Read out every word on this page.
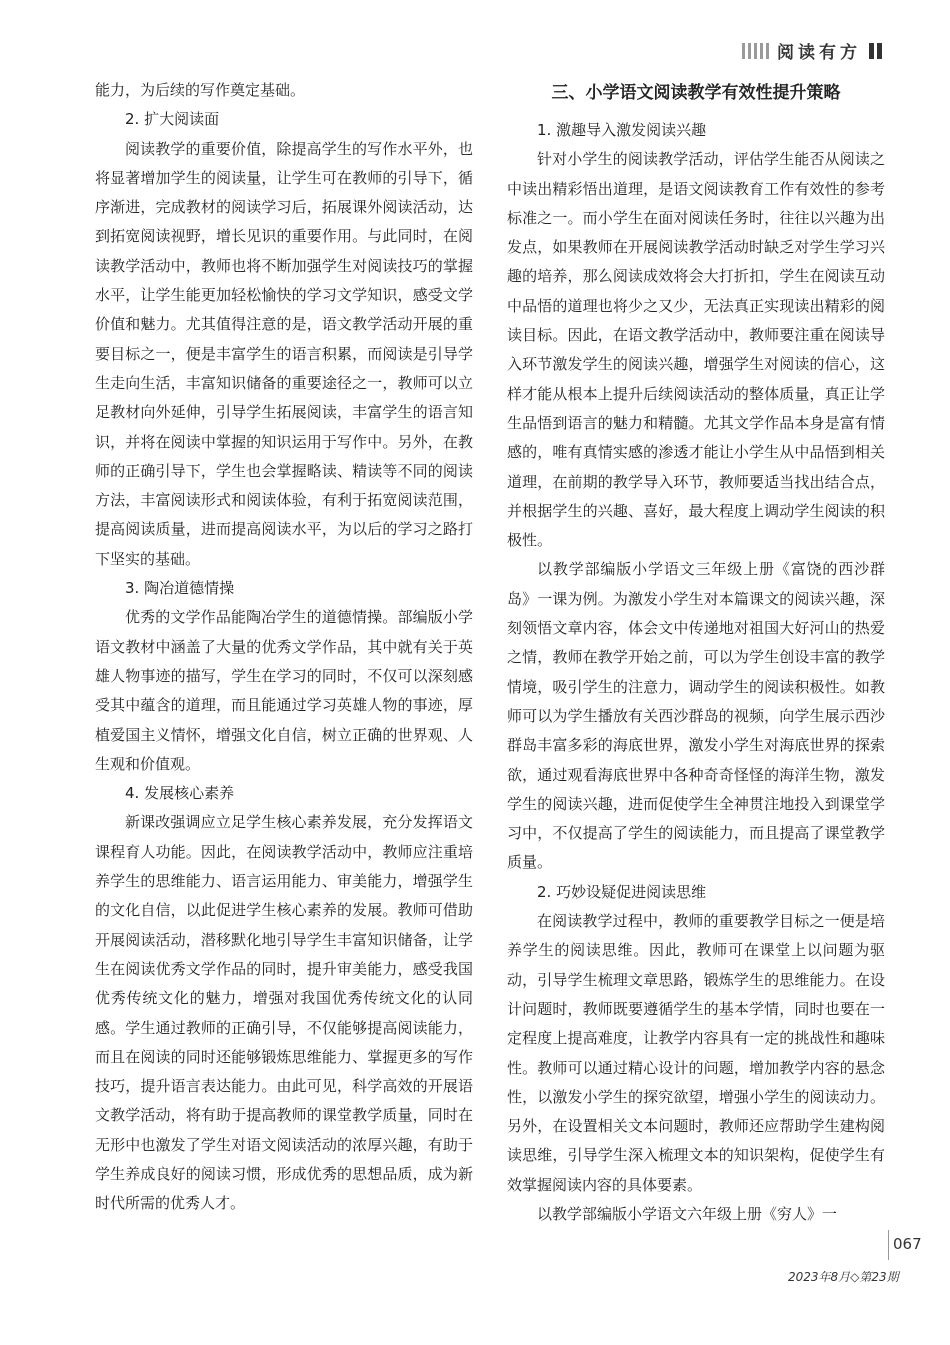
阅读有方

能力，为后续的写作奠定基础。

2. 扩大阅读面

阅读教学的重要价值，除提高学生的写作水平外，也将显著增加学生的阅读量，让学生可在教师的引导下，循序渐进，完成教材的阅读学习后，拓展课外阅读活动，达到拓宽阅读视野，增长见识的重要作用。与此同时，在阅读教学活动中，教师也将不断加强学生对阅读技巧的掌握水平，让学生能更加轻松愉快的学习文学知识，感受文学价值和魅力。尤其值得注意的是，语文教学活动开展的重要目标之一，便是丰富学生的语言积累，而阅读是引导学生走向生活，丰富知识储备的重要途径之一，教师可以立足教材向外延伸，引导学生拓展阅读，丰富学生的语言知识，并将在阅读中掌握的知识运用于写作中。另外，在教师的正确引导下，学生也会掌握略读、精读等不同的阅读方法，丰富阅读形式和阅读体验，有利于拓宽阅读范围，提高阅读质量，进而提高阅读水平，为以后的学习之路打下坚实的基础。

3. 陶冶道德情操

优秀的文学作品能陶冶学生的道德情操。部编版小学语文教材中涵盖了大量的优秀文学作品，其中就有关于英雄人物事迹的描写，学生在学习的同时，不仅可以深刻感受其中蕴含的道理，而且能通过学习英雄人物的事迹，厚植爱国主义情怀，增强文化自信，树立正确的世界观、人生观和价值观。

4. 发展核心素养

新课改强调应立足学生核心素养发展，充分发挥语文课程育人功能。因此，在阅读教学活动中，教师应注重培养学生的思维能力、语言运用能力、审美能力，增强学生的文化自信，以此促进学生核心素养的发展。教师可借助开展阅读活动，潜移默化地引导学生丰富知识储备，让学生在阅读优秀文学作品的同时，提升审美能力，感受我国优秀传统文化的魅力，增强对我国优秀传统文化的认同感。学生通过教师的正确引导，不仅能够提高阅读能力，而且在阅读的同时还能够锻炼思维能力、掌握更多的写作技巧，提升语言表达能力。由此可见，科学高效的开展语文教学活动，将有助于提高教师的课堂教学质量，同时在无形中也激发了学生对语文阅读活动的浓厚兴趣，有助于学生养成良好的阅读习惯，形成优秀的思想品质，成为新时代所需的优秀人才。

三、小学语文阅读教学有效性提升策略
1. 激趣导入激发阅读兴趣

针对小学生的阅读教学活动，评估学生能否从阅读之中读出精彩悟出道理，是语文阅读教育工作有效性的参考标准之一。而小学生在面对阅读任务时，往往以兴趣为出发点，如果教师在开展阅读教学活动时缺乏对学生学习兴趣的培养，那么阅读成效将会大打折扣，学生在阅读互动中品悟的道理也将少之又少，无法真正实现读出精彩的阅读目标。因此，在语文教学活动中，教师要注重在阅读导入环节激发学生的阅读兴趣，增强学生对阅读的信心，这样才能从根本上提升后续阅读活动的整体质量，真正让学生品悟到语言的魅力和精髓。尤其文学作品本身是富有情感的，唯有真情实感的渗透才能让小学生从中品悟到相关道理，在前期的教学导入环节，教师要适当找出结合点，并根据学生的兴趣、喜好，最大程度上调动学生阅读的积极性。

以教学部编版小学语文三年级上册《富饶的西沙群岛》一课为例。为激发小学生对本篇课文的阅读兴趣，深刻领悟文章内容，体会文中传递地对祖国大好河山的热爱之情，教师在教学开始之前，可以为学生创设丰富的教学情境，吸引学生的注意力，调动学生的阅读积极性。如教师可以为学生播放有关西沙群岛的视频，向学生展示西沙群岛丰富多彩的海底世界，激发小学生对海底世界的探索欲，通过观看海底世界中各种奇奇怪怪的海洋生物，激发学生的阅读兴趣，进而促使学生全神贯注地投入到课堂学习中，不仅提高了学生的阅读能力，而且提高了课堂教学质量。

2. 巧妙设疑促进阅读思维

在阅读教学过程中，教师的重要教学目标之一便是培养学生的阅读思维。因此，教师可在课堂上以问题为驱动，引导学生梳理文章思路，锻炼学生的思维能力。在设计问题时，教师既要遵循学生的基本学情，同时也要在一定程度上提高难度，让教学内容具有一定的挑战性和趣味性。教师可以通过精心设计的问题，增加教学内容的悬念性，以激发小学生的探究欲望，增强小学生的阅读动力。另外，在设置相关文本问题时，教师还应帮助学生建构阅读思维，引导学生深入梳理文本的知识架构，促使学生有效掌握阅读内容的具体要素。

以教学部编版小学语文六年级上册《穷人》一

067
2023年8月◇第23期
